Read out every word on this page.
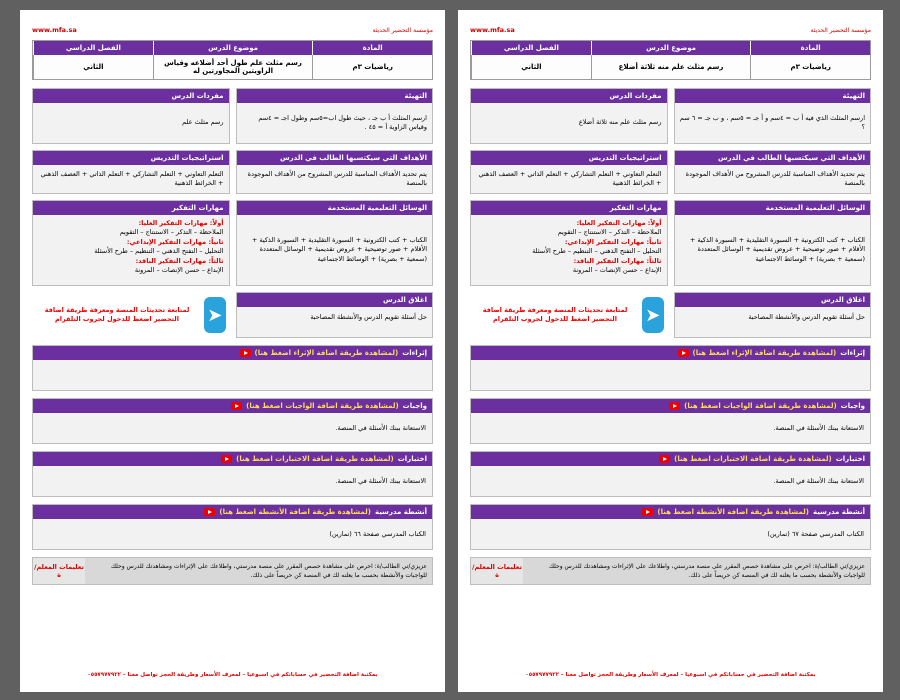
مؤسسة التحضير الحديثة
www.mfa.sa
المادة
موضوع الدرس
الفصل الدراسي
رياضيات ٣م
رسم مثلث علم طول أحد أضلاعه وقياس الزاويتين المجاورتين له
الثاني
التهيئة
ارسم المثلث أ ب جـ ، حيث طول اب=٥سم وطول اجـ = ٤سم وقياس الزاوية أ = ٤٥ .
مفردات الدرس
رسم مثلث علم
الأهداف التي سيكتسبها الطالب في الدرس
يتم تحديد الأهداف المناسبة للدرس المشروح من الأهداف الموجودة بالمنصة
استراتيجيات التدريس
التعلم التعاوني + التعلم التشاركي + التعلم الذاتي + العصف الذهني + الخرائط الذهنية
الوسائل التعليمية المستخدمة
الكتاب + كتب الكترونية + السبورة التقليدية + السبورة الذكية + الأقلام + صور توضيحية + عروض تقديمية + الوسائل المتعددة (سمعية + بصرية) + الوسائط الاجتماعية
مهارات التفكير
أولاً: مهارات التفكير العليا:
الملاحظة – التذكر – الاستنتاج – التقويم
ثانياً: مهارات التفكير الإبداعي:
التحليل – التفتح الذهني – التنظيم – طرح الأسئلة
ثالثاً: مهارات التفكير الناقد:
الإبداع – حسن الإنصات – المرونة
اغلاق الدرس
حل أسئلة تقويم الدرس والأنشطة المصاحبة
➤
لمتابعة تحديثات المنصة ومعرفة طريقة اضافة التحضير اضغط للدخول لجروب التلقرام
إثراءات
(لمشاهدة طريقة اضافة الإثراء اضغط هنا)
واجبات
(لمشاهدة طريقة اضافة الواجبات اضغط هنا)
الاستعانة ببنك الأسئلة في المنصة.
اختبارات
(لمشاهدة طريقة اضافة الاختبارات اضغط هنا)
الاستعانة ببنك الأسئلة في المنصة.
أنشطة مدرسية
(لمشاهدة طريقة اضافة الأنشطة اضغط هنا)
الكتاب المدرسي صفحة ٦٦ (تمارين)
عزيزي/تي الطالب/ة: احرص على مشاهدة حصص المقرر على منصة مدرستي، واطلاعك على الإثراءات ومشاهدتك للدرس وحلك للواجبات والأنشطة بحسب ما يعلنه لك في المنصة كن حريصاً على ذلك.
تعليمات المعلم/ة
بمكتبة اضافة التحضير في حساباتكم في اسبوعيا – لمعرف الأسعار وطريقة الحجز تواصل معنا – ٠٥٥٧٩٧٧٩٢٢
مؤسسة التحضير الحديثة
www.mfa.sa
المادة
موضوع الدرس
الفصل الدراسي
رياضيات ٣م
رسم مثلث علم منه ثلاثة أضلاع
الثاني
التهيئة
ارسم المثلث الذي فيه أ ب = ٤سم و أ جـ = ٥سم ، و ب جـ = ٦ سم ؟
مفردات الدرس
رسم مثلث علم منه ثلاثة أضلاع
الأهداف التي سيكتسبها الطالب في الدرس
يتم تحديد الأهداف المناسبة للدرس المشروح من الأهداف الموجودة بالمنصة
استراتيجيات التدريس
التعلم التعاوني + التعلم التشاركي + التعلم الذاتي + العصف الذهني + الخرائط الذهنية
الوسائل التعليمية المستخدمة
الكتاب + كتب الكترونية + السبورة التقليدية + السبورة الذكية + الأقلام + صور توضيحية + عروض تقديمية + الوسائل المتعددة (سمعية + بصرية) + الوسائط الاجتماعية
مهارات التفكير
أولاً: مهارات التفكير العليا:
الملاحظة – التذكر – الاستنتاج – التقويم
ثانياً: مهارات التفكير الإبداعي:
التحليل – التفتح الذهني – التنظيم – طرح الأسئلة
ثالثاً: مهارات التفكير الناقد:
الإبداع – حسن الإنصات – المرونة
اغلاق الدرس
حل أسئلة تقويم الدرس والأنشطة المصاحبة
➤
لمتابعة تحديثات المنصة ومعرفة طريقة اضافة التحضير اضغط للدخول لجروب التلقرام
إثراءات
(لمشاهدة طريقة اضافة الإثراء اضغط هنا)
واجبات
(لمشاهدة طريقة اضافة الواجبات اضغط هنا)
الاستعانة ببنك الأسئلة في المنصة.
اختبارات
(لمشاهدة طريقة اضافة الاختبارات اضغط هنا)
الاستعانة ببنك الأسئلة في المنصة.
أنشطة مدرسية
(لمشاهدة طريقة اضافة الأنشطة اضغط هنا)
الكتاب المدرسي صفحة ٦٧ (تمارين)
عزيزي/تي الطالب/ة: احرص على مشاهدة حصص المقرر على منصة مدرستي، واطلاعك على الإثراءات ومشاهدتك للدرس وحلك للواجبات والأنشطة بحسب ما يعلنه لك في المنصة كن حريصاً على ذلك.
تعليمات المعلم/ة
بمكتبة اضافة التحضير في حساباتكم في اسبوعيا – لمعرف الأسعار وطريقة الحجز تواصل معنا – ٠٥٥٧٩٧٧٩٢٢
